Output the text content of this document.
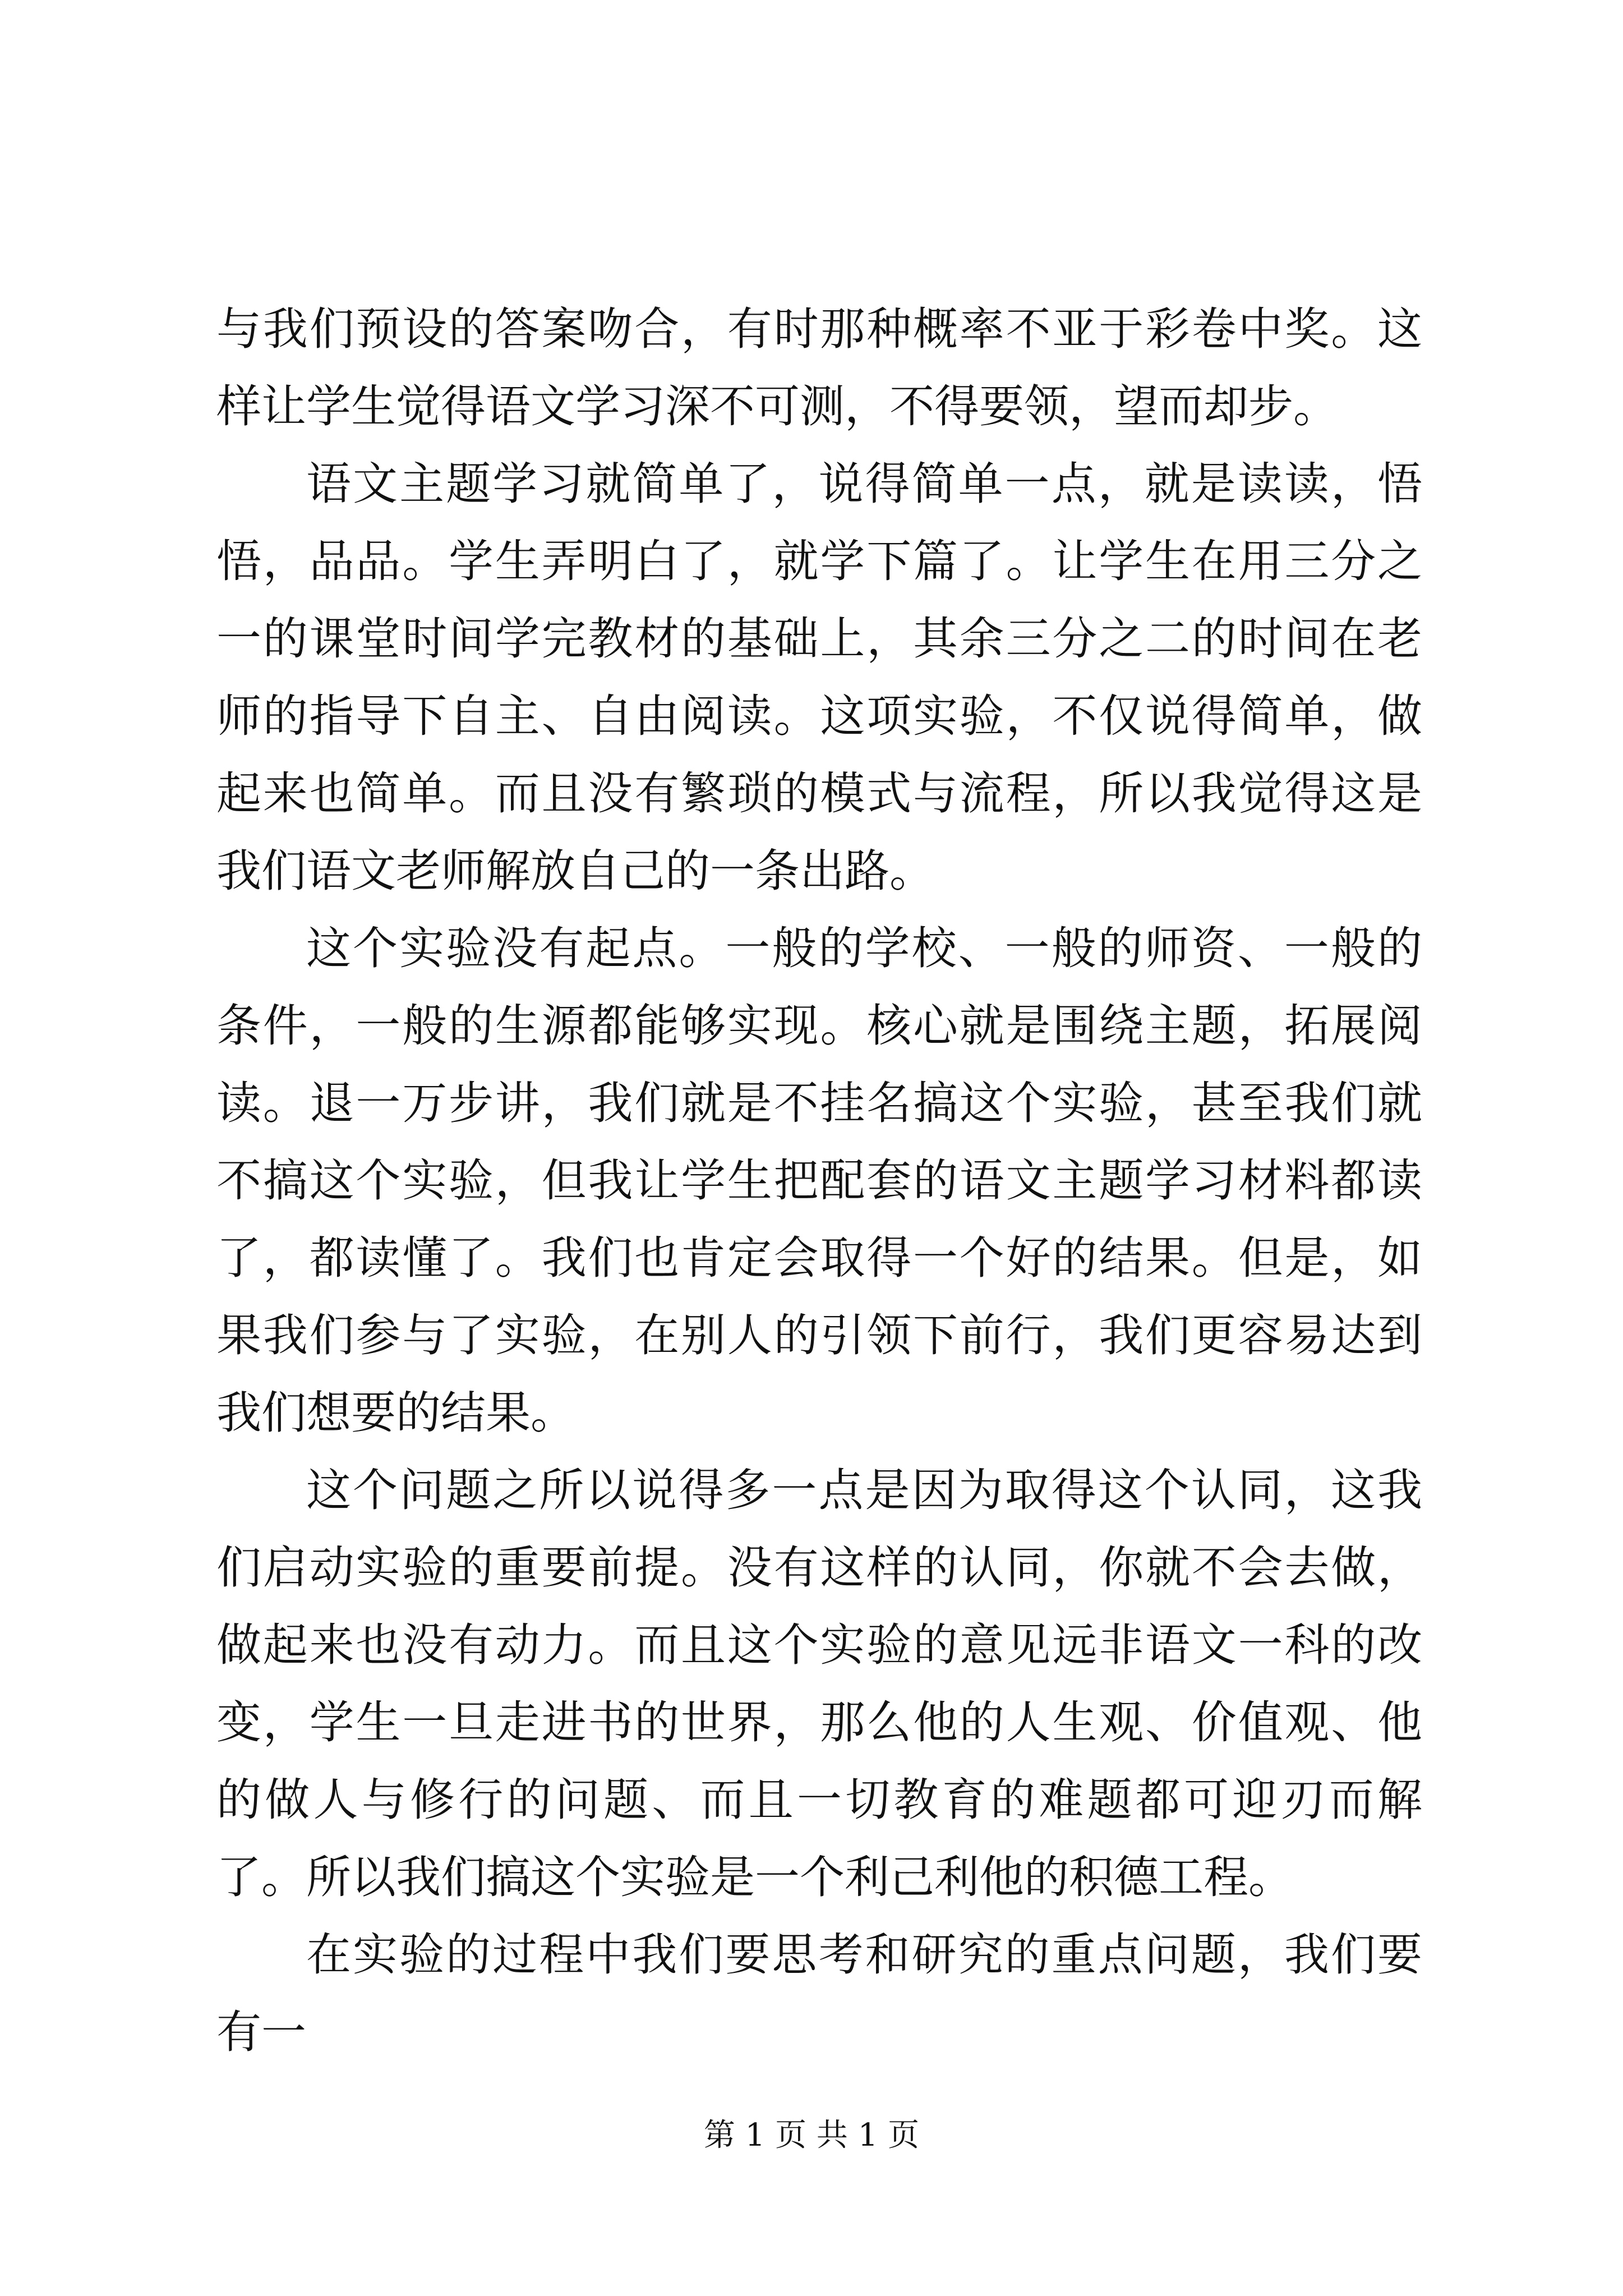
与我们预设的答案吻合，有时那种概率不亚于彩卷中奖。这样让学生觉得语文学习深不可测，不得要领，望而却步。

语文主题学习就简单了，说得简单一点，就是读读，悟悟，品品。学生弄明白了，就学下篇了。让学生在用三分之一的课堂时间学完教材的基础上，其余三分之二的时间在老师的指导下自主、自由阅读。这项实验，不仅说得简单，做起来也简单。而且没有繁琐的模式与流程，所以我觉得这是我们语文老师解放自己的一条出路。

这个实验没有起点。一般的学校、一般的师资、一般的条件，一般的生源都能够实现。核心就是围绕主题，拓展阅读。退一万步讲，我们就是不挂名搞这个实验，甚至我们就不搞这个实验，但我让学生把配套的语文主题学习材料都读了，都读懂了。我们也肯定会取得一个好的结果。但是，如果我们参与了实验，在别人的引领下前行，我们更容易达到我们想要的结果。

这个问题之所以说得多一点是因为取得这个认同，这我们启动实验的重要前提。没有这样的认同，你就不会去做，做起来也没有动力。而且这个实验的意见远非语文一科的改变，学生一旦走进书的世界，那么他的人生观、价值观、他的做人与修行的问题、而且一切教育的难题都可迎刃而解了。所以我们搞这个实验是一个利己利他的积德工程。

在实验的过程中我们要思考和研究的重点问题，我们要有一

第 1 页 共 1 页
